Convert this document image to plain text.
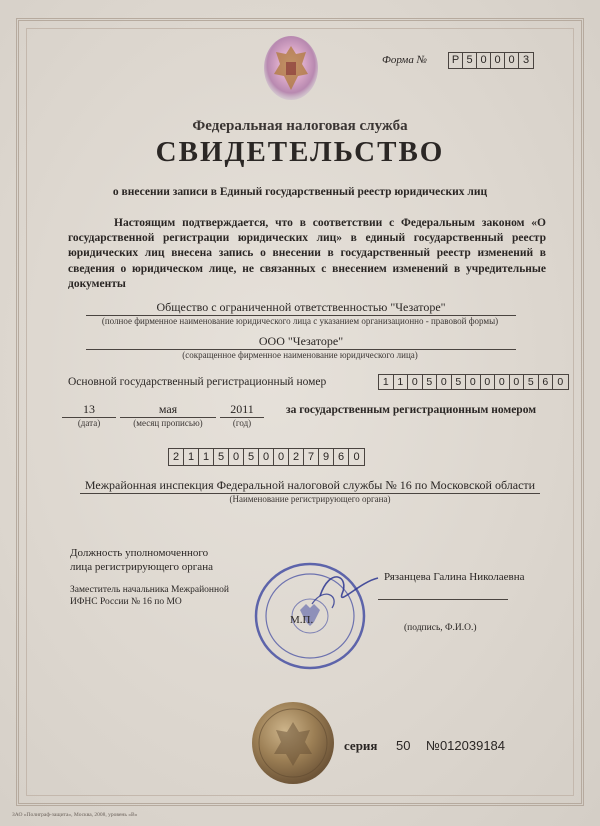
Форма № Р 5 0 0 0 3
Федеральная налоговая служба
СВИДЕТЕЛЬСТВО
о внесении записи в Единый государственный реестр юридических лиц
Настоящим подтверждается, что в соответствии с Федеральным законом «О государственной регистрации юридических лиц» в единый государственный реестр юридических лиц внесена запись о внесении в государственный реестр изменений в сведения о юридическом лице, не связанных с внесением изменений в учредительные документы
Общество с ограниченной ответственностью "Чезаторе"
(полное фирменное наименование юридического лица с указанием организационно - правовой формы)
ООО "Чезаторе"
(сокращенное фирменное наименование юридического лица)
Основной государственный регистрационный номер	1 1 0 5 0 5 0 0 0 0 5 6 0
13
(дата)
мая
(месяц прописью)
2011
(год)
за государственным регистрационным номером
2 1 1 5 0 5 0 0 2 7 9 6 0
Межрайонная инспекция Федеральной налоговой службы № 16 по Московской области
(Наименование регистрирующего органа)
Должность уполномоченного
лица регистрирующего органа
Заместитель начальника Межрайонной
ИФНС России № 16 по МО
М.П.
Рязанцева Галина Николаевна
(подпись, Ф.И.О.)
серия 50 №012039184
ЗАО «Полиграф-защита», Москва, 2008, уровень «В»
